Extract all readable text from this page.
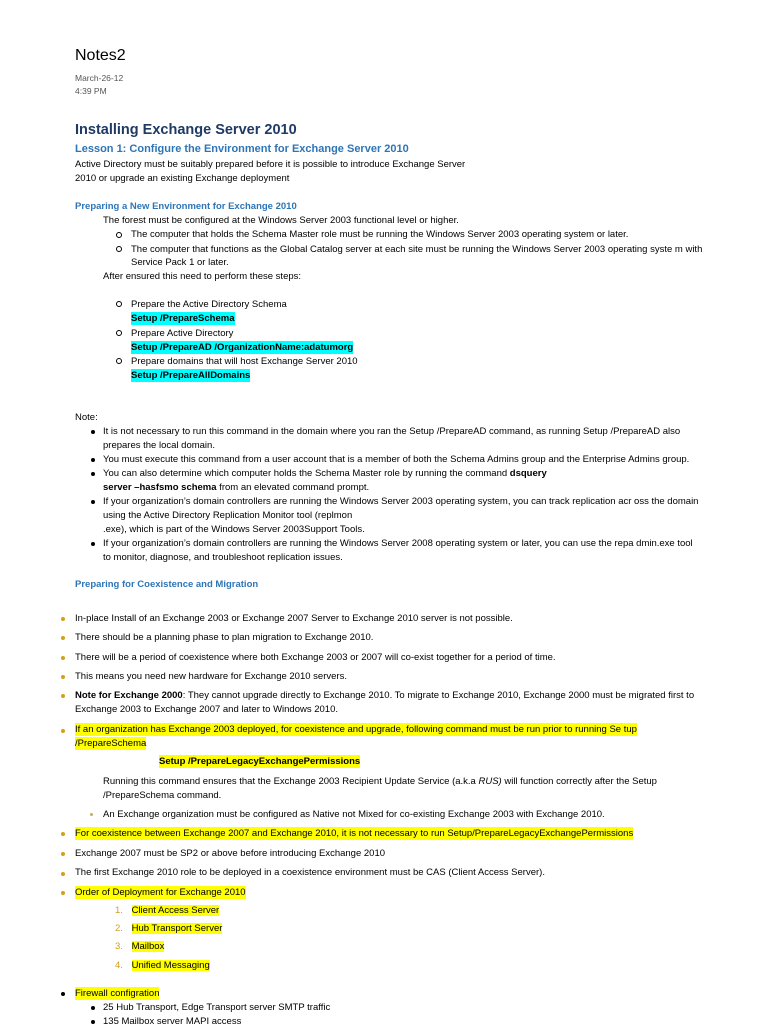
Notes2
March-26-12
4:39 PM
Installing Exchange Server 2010
Lesson 1: Configure the Environment for Exchange Server 2010
Active Directory must be suitably prepared before it is possible to introduce Exchange Server
2010 or upgrade an existing Exchange deployment
Preparing a New Environment for Exchange 2010
The forest must be configured at the Windows Server 2003 functional level or higher.
The computer that holds the Schema Master role must be running the Windows Server 2003 operating system or later.
The computer that functions as the Global Catalog server at each site must be running the Windows Server 2003 operating syste m with
Service Pack 1 or later.
After ensured this need to perform these steps:
Prepare the Active Directory Schema
Setup /PrepareSchema
Prepare Active Directory
Setup /PrepareAD /OrganizationName:adatumorg
Prepare domains that will host Exchange Server 2010
Setup /PrepareAllDomains
Note:
It is not necessary to run this command in the domain where you ran the Setup /PrepareAD command, as running Setup /PrepareAD also
prepares the local domain.
You must execute this command from a user account that is a member of both the Schema Admins group and the Enterprise Admins group.
You can also determine which computer holds the Schema Master role by running the command dsquery
server –hasfsmo schema from an elevated command prompt.
If your organization’s domain controllers are running the Windows Server 2003 operating system, you can track replication acr oss the domain
using the Active Directory Replication Monitor tool (replmon
.exe), which is part of the Windows Server 2003Support Tools.
If your organization’s domain controllers are running the Windows Server 2008 operating system or later, you can use the repa dmin.exe tool
to monitor, diagnose, and troubleshoot replication issues.
Preparing for Coexistence and Migration
In-place Install of an Exchange 2003 or Exchange 2007 Server to Exchange 2010 server is not possible.
There should be a planning phase to plan migration to Exchange 2010.
There will be a period of coexistence where both Exchange 2003 or 2007 will co-exist together for a period of time.
This means you need new hardware for Exchange 2010 servers.
Note for Exchange 2000: They cannot upgrade directly to Exchange 2010. To migrate to Exchange 2010, Exchange 2000 must be migrated first to
Exchange 2003 to Exchange 2007 and later to Windows 2010.
If an organization has Exchange 2003 deployed, for coexistence and upgrade, following command must be run prior to running Se tup
/PrepareSchema
Setup /PrepareLegacyExchangePermissions
Running this command ensures that the Exchange 2003 Recipient Update Service (a.k.a RUS) will function correctly after the Setup
/PrepareSchema command.
An Exchange organization must be configured as Native not Mixed for co-existing Exchange 2003 with Exchange 2010.
For coexistence between Exchange 2007 and Exchange 2010, it is not necessary to run Setup/PrepareLegacyExchangePermissions
Exchange 2007 must be SP2 or above before introducing Exchange 2010
The first Exchange 2010 role to be deployed in a coexistence environment must be CAS (Client Access Server).
Order of Deployment for Exchange 2010
1. Client Access Server
2. Hub Transport Server
3. Mailbox
4. Unified Messaging
Firewall configration
25 Hub Transport, Edge Transport server SMTP traffic
135 Mailbox server MAPI access
